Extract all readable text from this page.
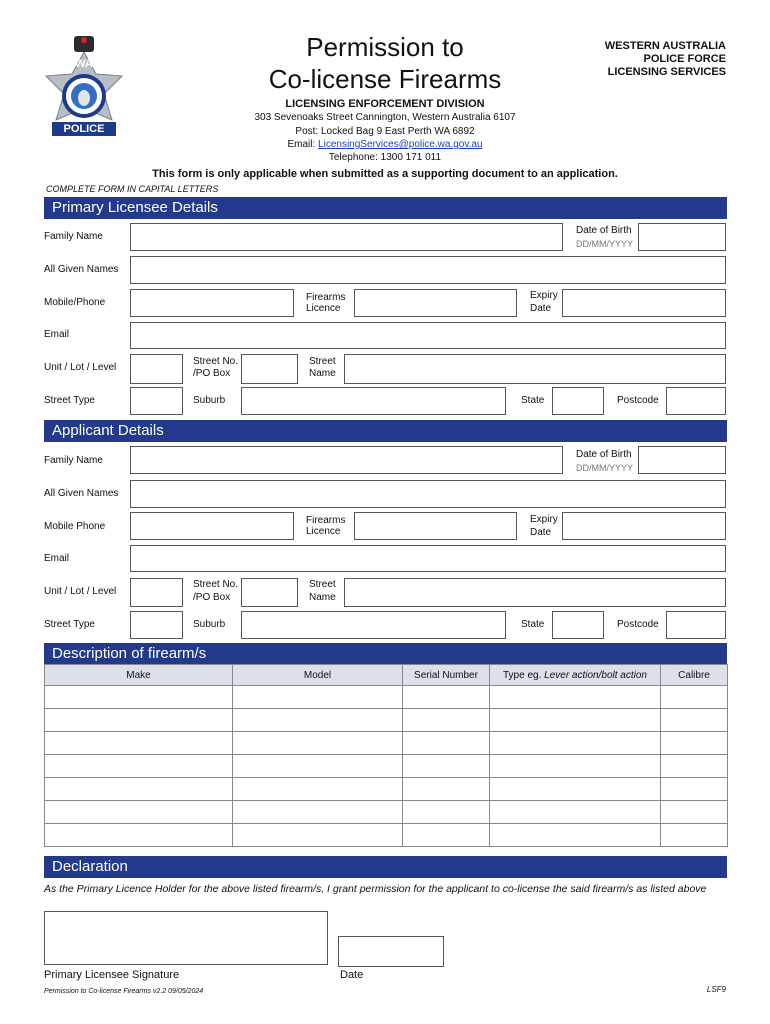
WA
POLICE
Permission to
Co-license Firearms
WESTERN AUSTRALIA
POLICE FORCE
LICENSING SERVICES
LICENSING ENFORCEMENT DIVISION
303 Sevenoaks Street Cannington, Western Australia 6107
Post: Locked Bag 9 East Perth WA 6892
Email: LicensingServices@police.wa.gov.au
Telephone: 1300 171 011
This form is only applicable when submitted as a supporting document to an application.
COMPLETE FORM IN CAPITAL LETTERS
Primary Licensee Details
Family Name
Date of Birth
DD/MM/YYYY
All Given Names
Mobile/Phone	Firearms
Licence
Expiry
Date
Email
Unit / Lot / Level
Street No.
/PO Box
Street
Name
Street Type	Suburb	State	Postcode
Applicant Details
Family Name
Date of Birth
DD/MM/YYYY
All Given Names
Mobile Phone
Firearms
Licence
Expiry
Date
Email
Unit / Lot / Level
Street No.
/PO Box
Street
Name
Street Type	Suburb	State	Postcode
Description of firearm/s
Make	Model	Serial Number	Type eg. Lever action/bolt action	Calibre

Declaration
As the Primary Licence Holder for the above listed firearm/s, I grant permission for the applicant to co-license the said firearm/s as listed above
Primary Licensee Signature	Date
Permission to Co-license Firearms v2.2 09/05/2024	LSF9
